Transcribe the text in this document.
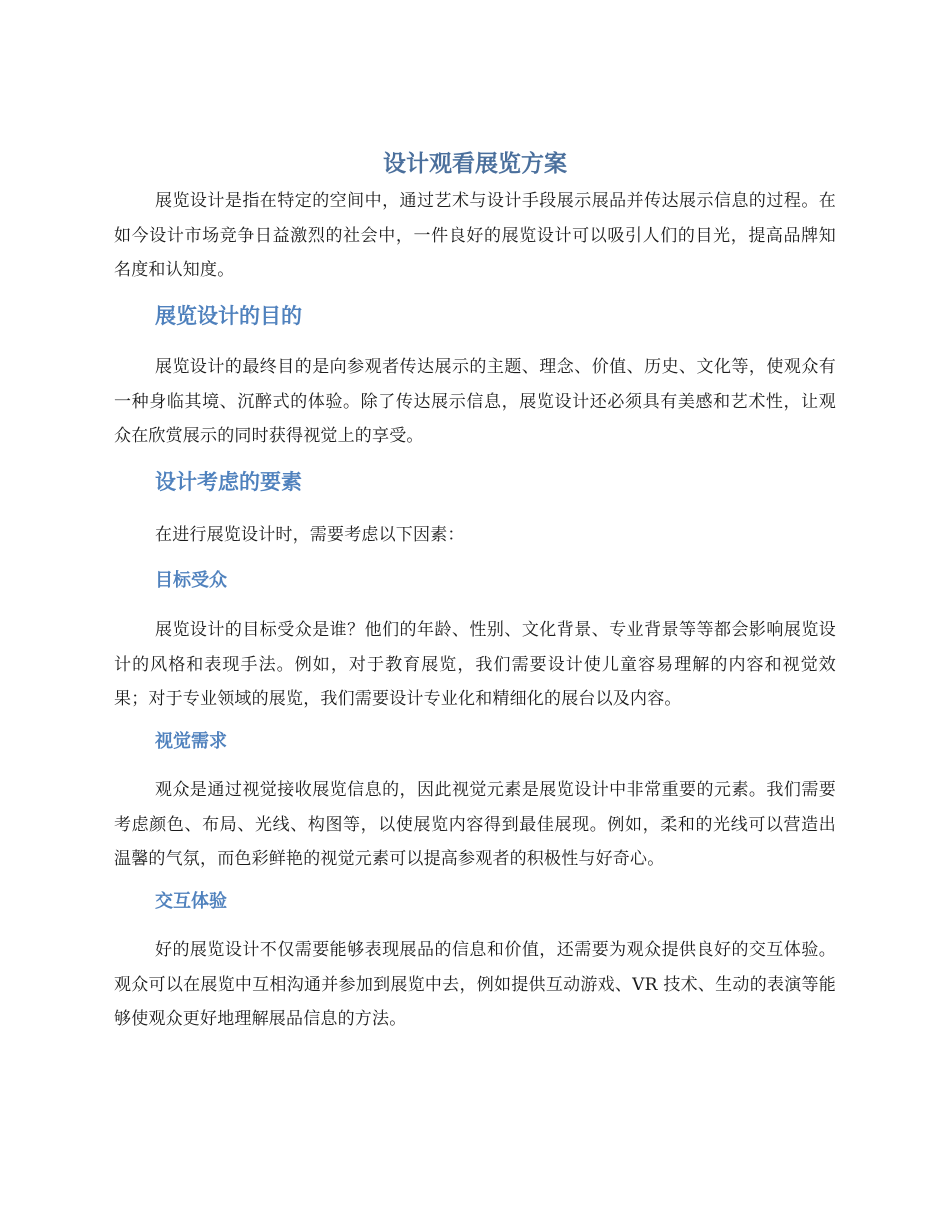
设计观看展览方案

展览设计是指在特定的空间中，通过艺术与设计手段展示展品并传达展示信息的过程。在如今设计市场竞争日益激烈的社会中，一件良好的展览设计可以吸引人们的目光，提高品牌知名度和认知度。

展览设计的目的

展览设计的最终目的是向参观者传达展示的主题、理念、价值、历史、文化等，使观众有一种身临其境、沉醉式的体验。除了传达展示信息，展览设计还必须具有美感和艺术性，让观众在欣赏展示的同时获得视觉上的享受。

设计考虑的要素

在进行展览设计时，需要考虑以下因素：

目标受众

展览设计的目标受众是谁？他们的年龄、性别、文化背景、专业背景等等都会影响展览设计的风格和表现手法。例如，对于教育展览，我们需要设计使儿童容易理解的内容和视觉效果；对于专业领域的展览，我们需要设计专业化和精细化的展台以及内容。

视觉需求

观众是通过视觉接收展览信息的，因此视觉元素是展览设计中非常重要的元素。我们需要考虑颜色、布局、光线、构图等，以使展览内容得到最佳展现。例如，柔和的光线可以营造出温馨的气氛，而色彩鲜艳的视觉元素可以提高参观者的积极性与好奇心。

交互体验

好的展览设计不仅需要能够表现展品的信息和价值，还需要为观众提供良好的交互体验。观众可以在展览中互相沟通并参加到展览中去，例如提供互动游戏、VR 技术、生动的表演等能够使观众更好地理解展品信息的方法。
